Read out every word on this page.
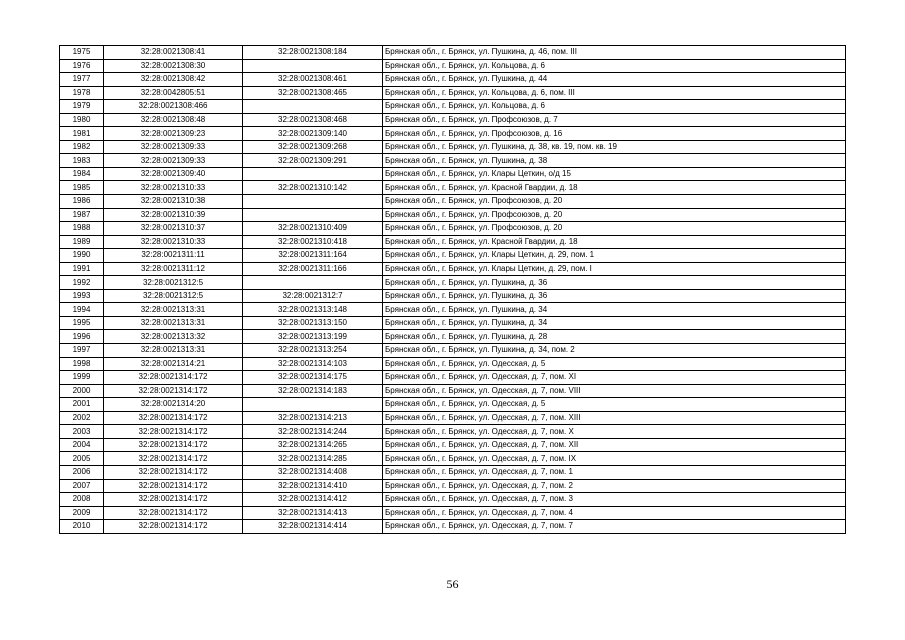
1975	32:28:0021308:41	32:28:0021308:184	Брянская обл., г. Брянск, ул. Пушкина, д. 46, пом. III
1976	32:28:0021308:30		Брянская обл., г. Брянск, ул. Кольцова, д. 6
1977	32:28:0021308:42	32:28:0021308:461	Брянская обл., г. Брянск, ул. Пушкина, д. 44
1978	32:28:0042805:51	32:28:0021308:465	Брянская обл., г. Брянск, ул. Кольцова, д. 6, пом. III
1979	32:28:0021308:466		Брянская обл., г. Брянск, ул. Кольцова, д. 6
1980	32:28:0021308:48	32:28:0021308:468	Брянская обл., г. Брянск, ул. Профсоюзов, д. 7
1981	32:28:0021309:23	32:28:0021309:140	Брянская обл., г. Брянск, ул. Профсоюзов, д. 16
1982	32:28:0021309:33	32:28:0021309:268	Брянская обл., г. Брянск, ул. Пушкина, д. 38, кв. 19, пом. кв. 19
1983	32:28:0021309:33	32:28:0021309:291	Брянская обл., г. Брянск, ул. Пушкина, д. 38
1984	32:28:0021309:40		Брянская обл., г. Брянск, ул. Клары Цеткин, о/д 15
1985	32:28:0021310:33	32:28:0021310:142	Брянская обл., г. Брянск, ул. Красной Гвардии, д. 18
1986	32:28:0021310:38		Брянская обл., г. Брянск, ул. Профсоюзов, д. 20
1987	32:28:0021310:39		Брянская обл., г. Брянск, ул. Профсоюзов, д. 20
1988	32:28:0021310:37	32:28:0021310:409	Брянская обл., г. Брянск, ул. Профсоюзов, д. 20
1989	32:28:0021310:33	32:28:0021310:418	Брянская обл., г. Брянск, ул. Красной Гвардии, д. 18
1990	32:28:0021311:11	32:28:0021311:164	Брянская обл., г. Брянск, ул. Клары Цеткин, д. 29, пом. 1
1991	32:28:0021311:12	32:28:0021311:166	Брянская обл., г. Брянск, ул. Клары Цеткин, д. 29, пом. I
1992	32:28:0021312:5		Брянская обл., г. Брянск, ул. Пушкина, д. 36
1993	32:28:0021312:5	32:28:0021312:7	Брянская обл., г. Брянск, ул. Пушкина, д. 36
1994	32:28:0021313:31	32:28:0021313:148	Брянская обл., г. Брянск, ул. Пушкина, д. 34
1995	32:28:0021313:31	32:28:0021313:150	Брянская обл., г. Брянск, ул. Пушкина, д. 34
1996	32:28:0021313:32	32:28:0021313:199	Брянская обл., г. Брянск, ул. Пушкина, д. 28
1997	32:28:0021313:31	32:28:0021313:254	Брянская обл., г. Брянск, ул. Пушкина, д. 34, пом. 2
1998	32:28:0021314:21	32:28:0021314:103	Брянская обл., г. Брянск, ул. Одесская, д. 5
1999	32:28:0021314:172	32:28:0021314:175	Брянская обл., г. Брянск, ул. Одесская, д. 7, пом. XI
2000	32:28:0021314:172	32:28:0021314:183	Брянская обл., г. Брянск, ул. Одесская, д. 7, пом. VIII
2001	32:28:0021314:20		Брянская обл., г. Брянск, ул. Одесская, д. 5
2002	32:28:0021314:172	32:28:0021314:213	Брянская обл., г. Брянск, ул. Одесская, д. 7, пом. XIII
2003	32:28:0021314:172	32:28:0021314:244	Брянская обл., г. Брянск, ул. Одесская, д. 7, пом. X
2004	32:28:0021314:172	32:28:0021314:265	Брянская обл., г. Брянск, ул. Одесская, д. 7, пом. XII
2005	32:28:0021314:172	32:28:0021314:285	Брянская обл., г. Брянск, ул. Одесская, д. 7, пом. IX
2006	32:28:0021314:172	32:28:0021314:408	Брянская обл., г. Брянск, ул. Одесская, д. 7, пом. 1
2007	32:28:0021314:172	32:28:0021314:410	Брянская обл., г. Брянск, ул. Одесская, д. 7, пом. 2
2008	32:28:0021314:172	32:28:0021314:412	Брянская обл., г. Брянск, ул. Одесская, д. 7, пом. 3
2009	32:28:0021314:172	32:28:0021314:413	Брянская обл., г. Брянск, ул. Одесская, д. 7, пом. 4
2010	32:28:0021314:172	32:28:0021314:414	Брянская обл., г. Брянск, ул. Одесская, д. 7, пом. 7
56
